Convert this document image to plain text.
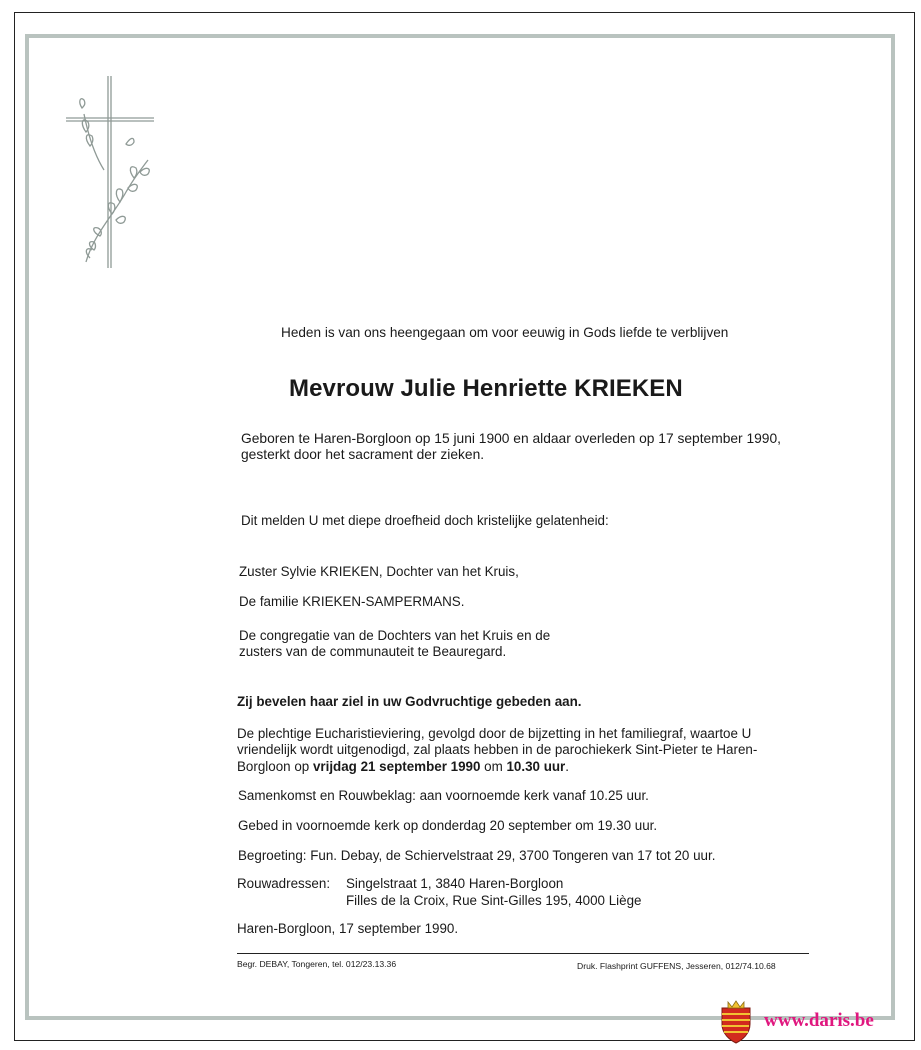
Heden is van ons heengegaan om voor eeuwig in Gods liefde te verblijven

Mevrouw Julie Henriette KRIEKEN

Geboren te Haren-Borgloon op 15 juni 1900 en aldaar overleden op 17 september 1990,

gesterkt door het sacrament der zieken.

Dit melden U met diepe droefheid doch kristelijke gelatenheid:

Zuster Sylvie KRIEKEN, Dochter van het Kruis,

De familie KRIEKEN-SAMPERMANS.

De congregatie van de Dochters van het Kruis en de

zusters van de communauteit te Beauregard.

Zij bevelen haar ziel in uw Godvruchtige gebeden aan.

De plechtige Eucharistieviering, gevolgd door de bijzetting in het familiegraf, waartoe U

vriendelijk wordt uitgenodigd, zal plaats hebben in de parochiekerk Sint-Pieter te Haren-

Borgloon op vrijdag 21 september 1990 om 10.30 uur.

Samenkomst en Rouwbeklag: aan voornoemde kerk vanaf 10.25 uur.

Gebed in voornoemde kerk op donderdag 20 september om 19.30 uur.

Begroeting: Fun. Debay, de Schiervelstraat 29, 3700 Tongeren van 17 tot 20 uur.

Rouwadressen: Singelstraat 1, 3840 Haren-Borgloon

Filles de la Croix, Rue Sint-Gilles 195, 4000 Liège

Haren-Borgloon, 17 september 1990.

Begr. DEBAY, Tongeren, tel. 012/23.13.36	Druk. Flashprint GUFFENS, Jesseren, 012/74.10.68
www.daris.be
